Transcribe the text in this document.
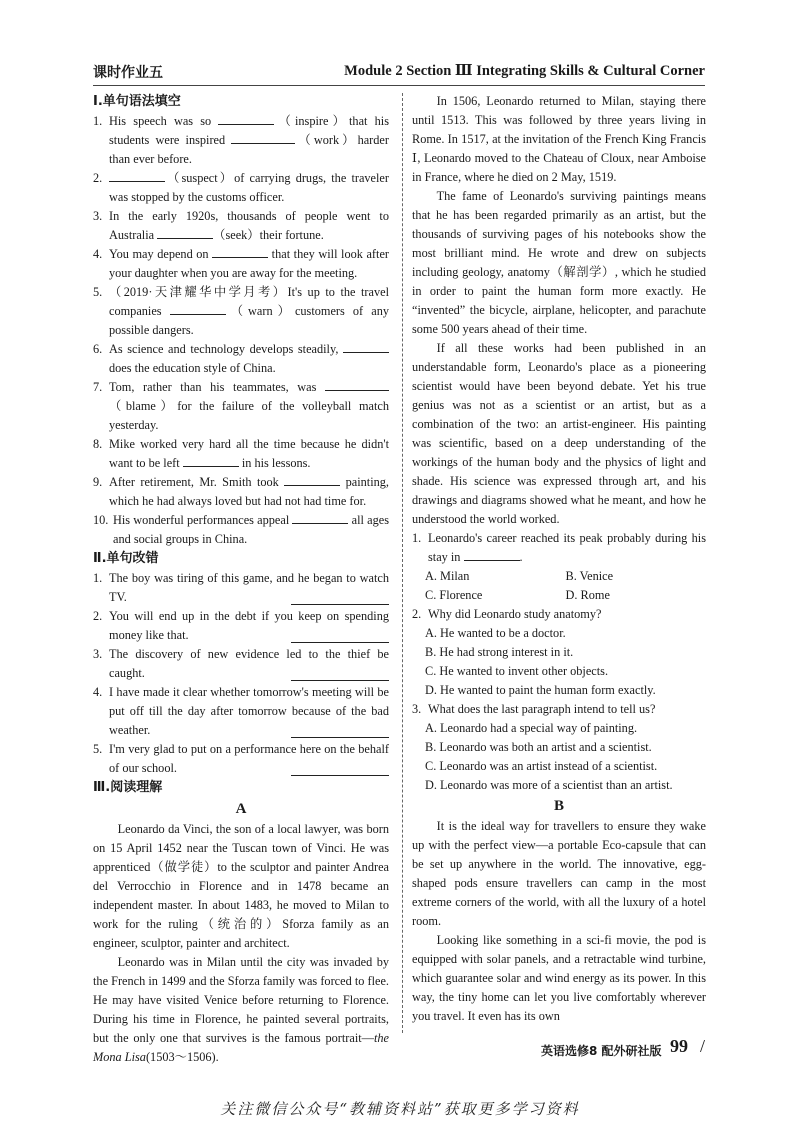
课时作业五	Module 2 Section Ⅲ Integrating Skills & Cultural Corner
Ⅰ.单句语法填空
1. His speech was so	（inspire）that his students were inspired	（work）harder than ever before.
2.	（suspect）of carrying drugs, the traveler was stopped by the customs officer.
3. In the early 1920s, thousands of people went to Australia	（seek）their fortune.
4. You may depend on	that they will look after your daughter when you are away for the meeting.
5. （2019·天津耀华中学月考）It's up to the travel companies	（warn）customers of any possible dangers.
6. As science and technology develops steadily,  does the education style of China.
7. Tom, rather than his teammates, was （blame）for the failure of the volleyball match yesterday.
8. Mike worked very hard all the time because he didn't want to be left	in his lessons.
9. After retirement, Mr. Smith took	painting, which he had always loved but had not had time for.
10. His wonderful performances appeal	all ages and social groups in China.
Ⅱ.单句改错
1. The boy was tiring of this game, and he began to watch TV.
2. You will end up in the debt if you keep on spending money like that.
3. The discovery of new evidence led to the thief be caught.
4. I have made it clear whether tomorrow's meeting will be put off till the day after tomorrow because of the bad weather.
5. I'm very glad to put on a performance here on the behalf of our school.
Ⅲ.阅读理解
A

Leonardo da Vinci, the son of a local lawyer, was born on 15 April 1452 near the Tuscan town of Vinci. He was apprenticed（做学徒）to the sculptor and painter Andrea del Verrocchio in Florence and in 1478 became an independent master. In about 1483, he moved to Milan to work for the ruling（统治的）Sforza family as an engineer, sculptor, painter and architect.

Leonardo was in Milan until the city was invaded by the French in 1499 and the Sforza family was forced to flee. He may have visited Venice before returning to Florence. During his time in Florence, he painted several portraits, but the only one that survives is the famous portrait—the Mona Lisa(1503～1506).

In 1506, Leonardo returned to Milan, staying there until 1513. This was followed by three years living in Rome. In 1517, at the invitation of the French King Francis Ⅰ, Leonardo moved to the Chateau of Cloux, near Amboise in France, where he died on 2 May, 1519.

The fame of Leonardo's surviving paintings means that he has been regarded primarily as an artist, but the thousands of surviving pages of his notebooks show the most brilliant mind. He wrote and drew on subjects including geology, anatomy（解剖学）, which he studied in order to paint the human form more exactly. He “invented” the bicycle, airplane, helicopter, and parachute some 500 years ahead of their time.

If all these works had been published in an understandable form, Leonardo's place as a pioneering scientist would have been beyond debate. Yet his true genius was not as a scientist or an artist, but as a combination of the two: an artist-engineer. His painting was scientific, based on a deep understanding of the workings of the human body and the physics of light and shade. His science was expressed through art, and his drawings and diagrams showed what he meant, and how he understood the world worked.

1. Leonardo's career reached its peak probably during his stay in	.
A. Milan	B. Venice
C. Florence	D. Rome
2. Why did Leonardo study anatomy?
A. He wanted to be a doctor.
B. He had strong interest in it.
C. He wanted to invent other objects.
D. He wanted to paint the human form exactly.
3. What does the last paragraph intend to tell us?
A. Leonardo had a special way of painting.
B. Leonardo was both an artist and a scientist.
C. Leonardo was an artist instead of a scientist.
D. Leonardo was more of a scientist than an artist.
B

It is the ideal way for travellers to ensure they wake up with the perfect view—a portable Eco-capsule that can be set up anywhere in the world. The innovative, egg-shaped pods ensure travellers can camp in the most extreme corners of the world, with all the luxury of a hotel room.

Looking like something in a sci-fi movie, the pod is equipped with solar panels, and a retractable wind turbine, which guarantee solar and wind energy as its power. In this way, the tiny home can let you live comfortably wherever you travel. It even has its own

英语选修8 配外研社版 99 /
关注微信公众号“教辅资料站”获取更多学习资料
